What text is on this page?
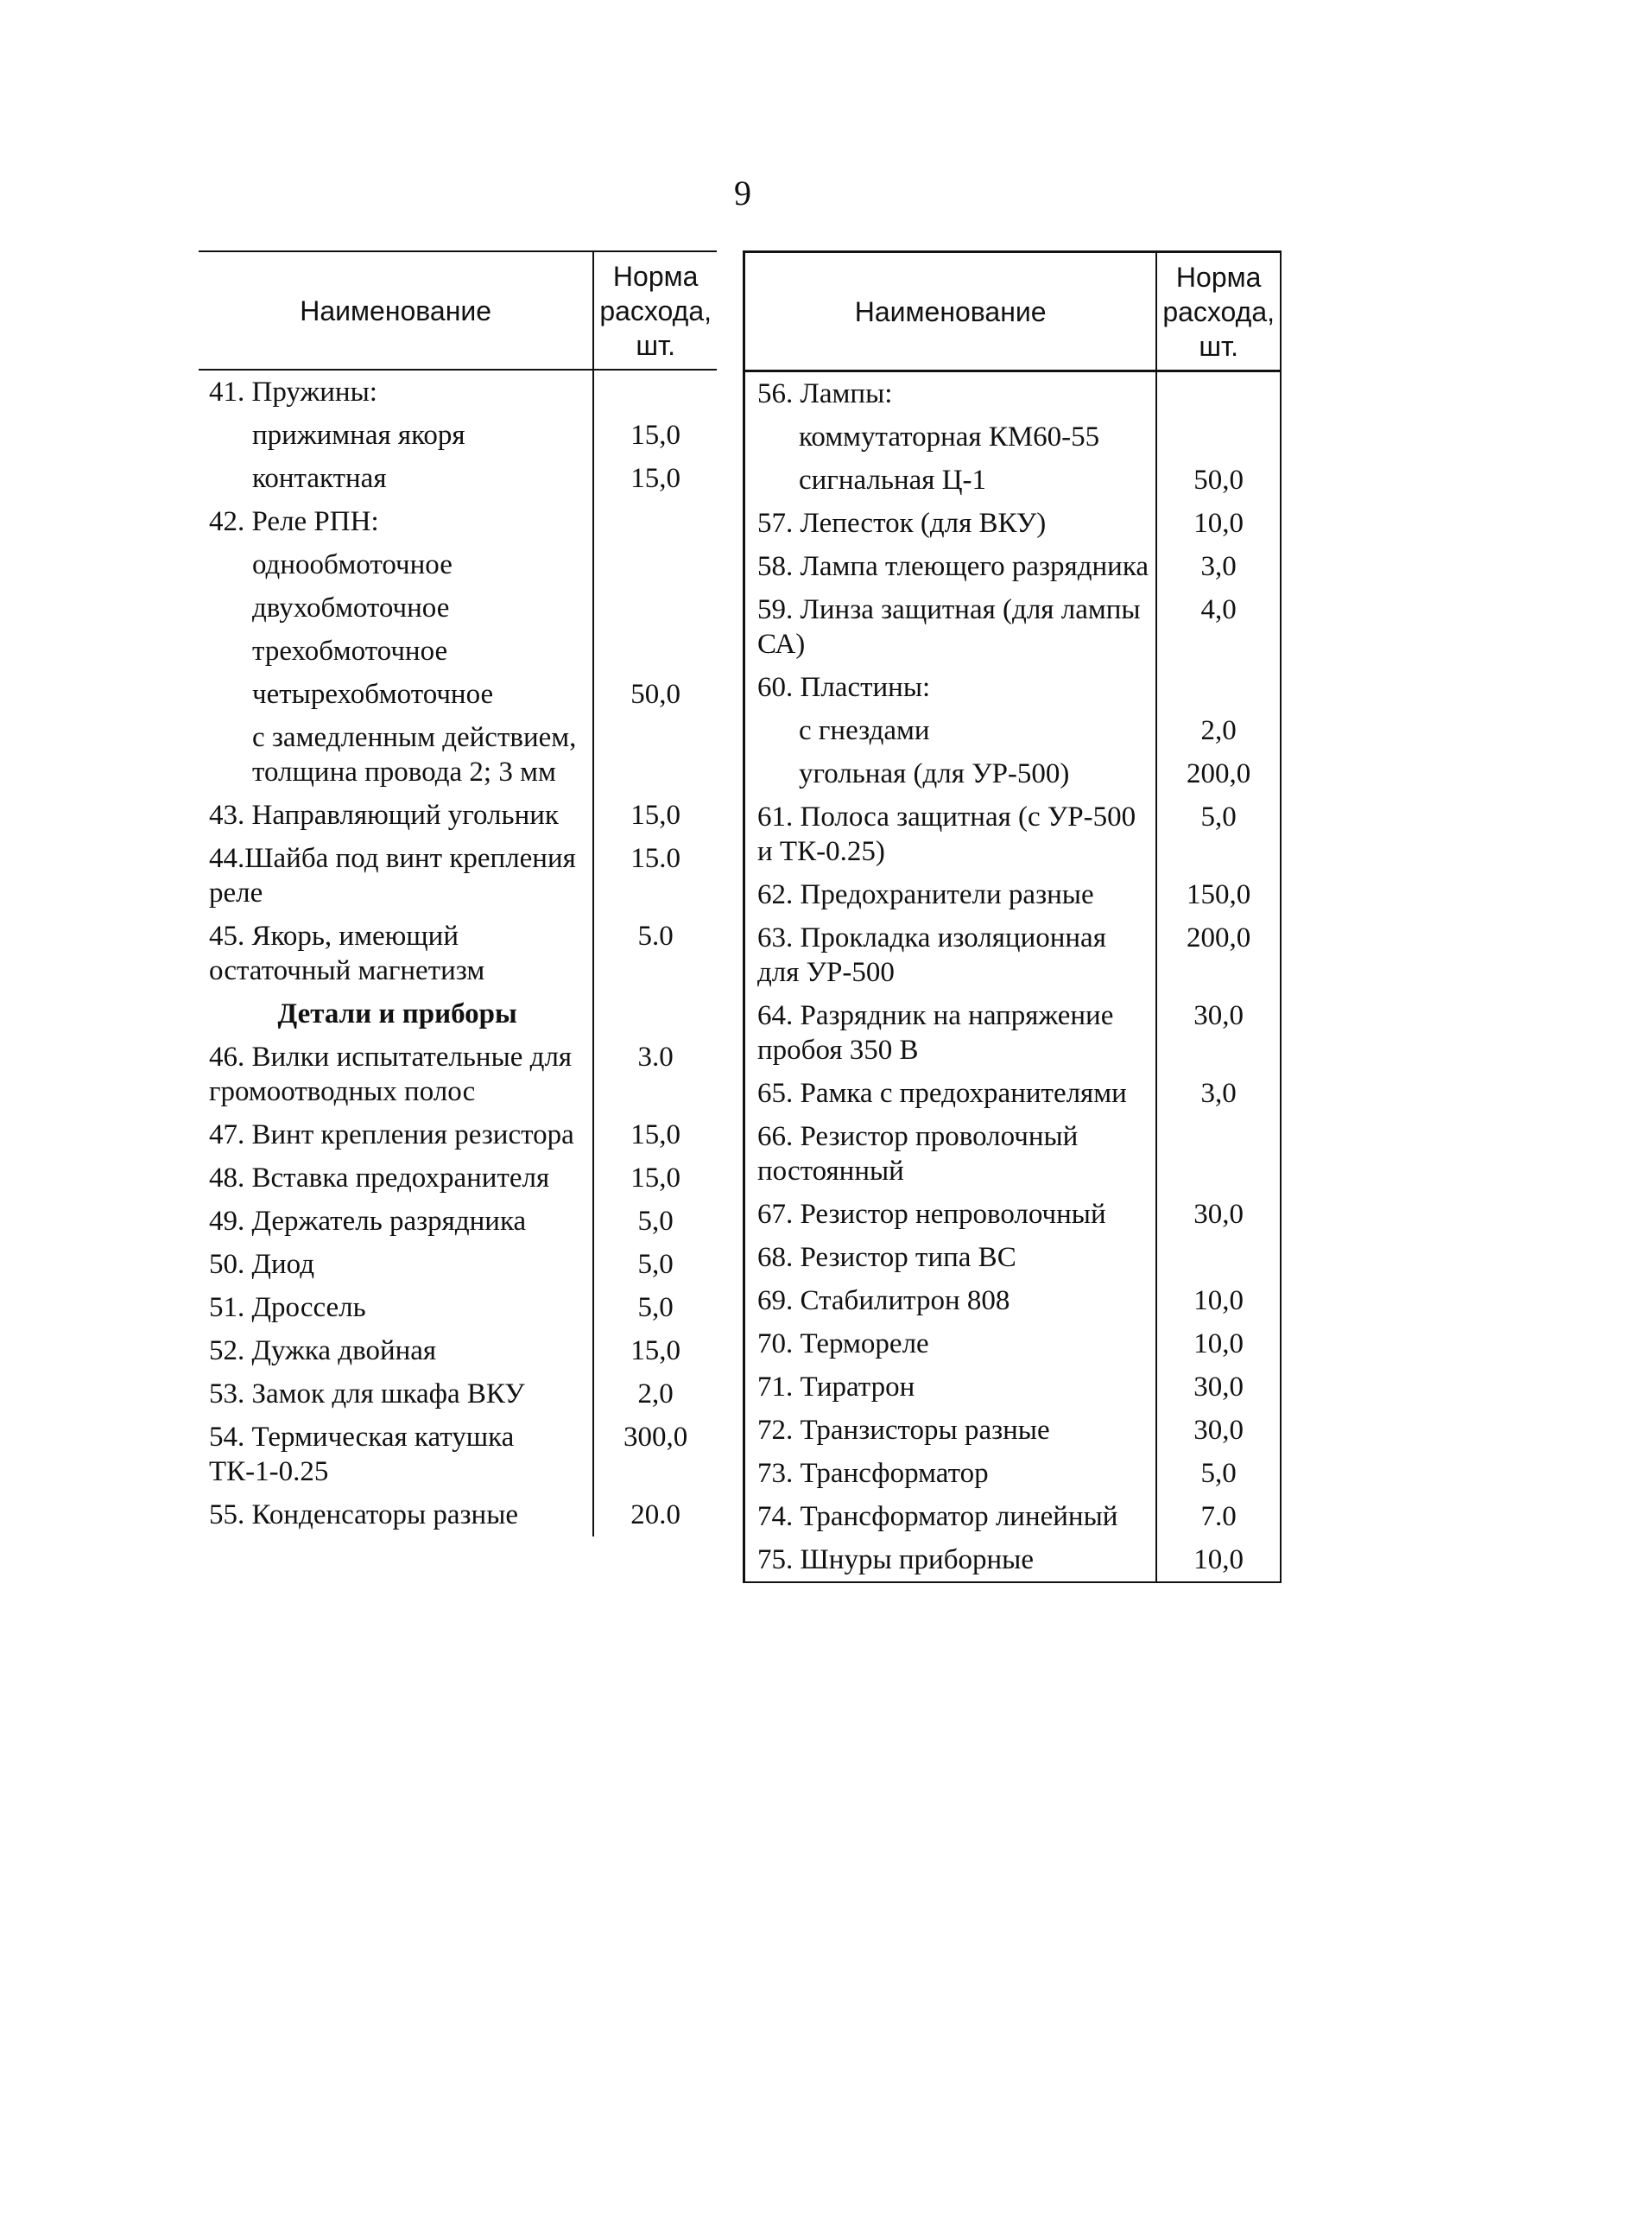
9
Наименование	Норма расхода, шт.
41. Пружины:	
прижимная якоря	15,0
контактная	15,0
42. Реле РПН:	
однообмоточное	
двухобмоточное	
трехобмоточное	
четырехобмоточное	50,0
с замедленным действием, толщина провода 2; 3 мм	
43. Направляющий угольник	15,0
44.Шайба под винт крепления реле	15.0
45. Якорь, имеющий остаточный магнетизм	5.0
Детали и приборы	
46. Вилки испытательные для громоотводных полос	3.0
47. Винт крепления резистора	15,0
48. Вставка предохранителя	15,0
49. Держатель разрядника	5,0
50. Диод	5,0
51. Дроссель	5,0
52. Дужка двойная	15,0
53. Замок для шкафа ВКУ	2,0
54. Термическая катушка ТК-1-0.25	300,0
55. Конденсаторы разные	20.0
Наименование	Норма расхода, шт.
56. Лампы:	
коммутаторная КМ60-55	
сигнальная Ц-1	50,0
57. Лепесток (для ВКУ)	10,0
58. Лампа тлеющего разрядника	3,0
59. Линза защитная (для лампы СА)	4,0
60. Пластины:	
с гнездами	2,0
угольная (для УР-500)	200,0
61. Полоса защитная (с УР-500 и ТК-0.25)	5,0
62. Предохранители разные	150,0
63. Прокладка изоляционная для УР-500	200,0
64. Разрядник на напряжение пробоя 350 В	30,0
65. Рамка с предохранителями	3,0
66. Резистор проволочный постоянный	
67. Резистор непроволочный	30,0
68. Резистор типа ВС	
69. Стабилитрон 808	10,0
70. Термореле	10,0
71. Тиратрон	30,0
72. Транзисторы разные	30,0
73. Трансформатор	5,0
74. Трансформатор линейный	7.0
75. Шнуры приборные	10,0
